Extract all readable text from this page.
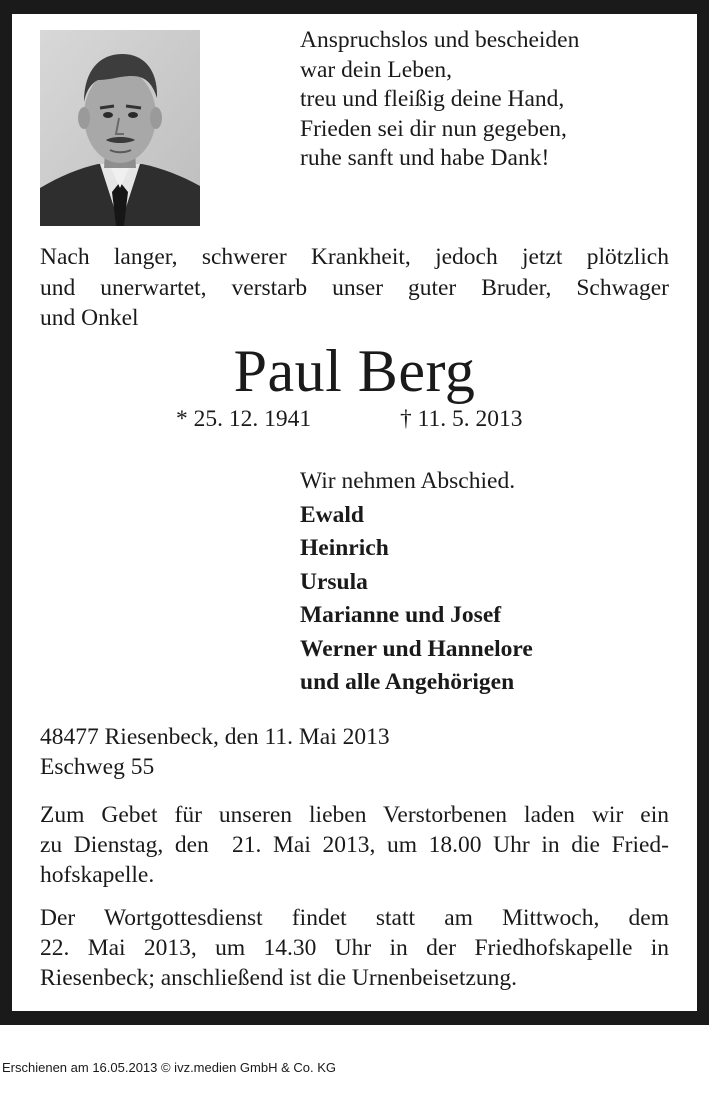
Anspruchslos und bescheiden
war dein Leben,
treu und fleißig deine Hand,
Frieden sei dir nun gegeben,
ruhe sanft und habe Dank!
Nach langer, schwerer Krankheit, jedoch jetzt plötzlich
und unerwartet, verstarb unser guter Bruder, Schwager
und Onkel
Paul Berg
* 25. 12. 1941	† 11. 5. 2013
Wir nehmen Abschied.
Ewald
Heinrich
Ursula
Marianne und Josef
Werner und Hannelore
und alle Angehörigen
48477 Riesenbeck, den 11. Mai 2013
Eschweg 55
Zum Gebet für unseren lieben Verstorbenen laden wir ein
zu Dienstag, den  21. Mai 2013, um 18.00 Uhr in die Fried-
hofskapelle.
Der Wortgottesdienst findet statt am Mittwoch, dem
22. Mai 2013, um 14.30 Uhr in der Friedhofskapelle in
Riesenbeck; anschließend ist die Urnenbeisetzung.
Erschienen am 16.05.2013 © ivz.medien GmbH & Co. KG
